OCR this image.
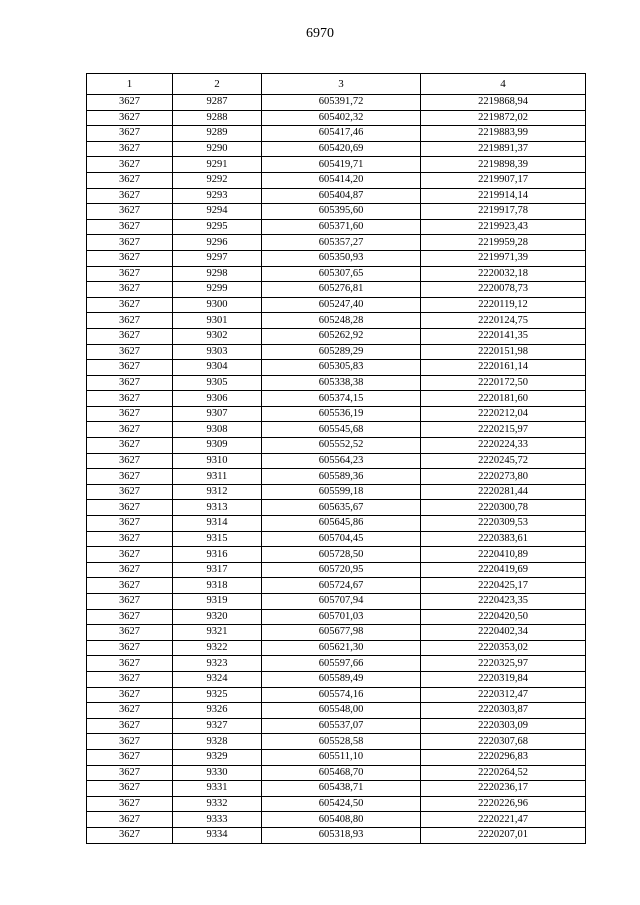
6970
1	2	3	4
3627	9287	605391,72	2219868,94
3627	9288	605402,32	2219872,02
3627	9289	605417,46	2219883,99
3627	9290	605420,69	2219891,37
3627	9291	605419,71	2219898,39
3627	9292	605414,20	2219907,17
3627	9293	605404,87	2219914,14
3627	9294	605395,60	2219917,78
3627	9295	605371,60	2219923,43
3627	9296	605357,27	2219959,28
3627	9297	605350,93	2219971,39
3627	9298	605307,65	2220032,18
3627	9299	605276,81	2220078,73
3627	9300	605247,40	2220119,12
3627	9301	605248,28	2220124,75
3627	9302	605262,92	2220141,35
3627	9303	605289,29	2220151,98
3627	9304	605305,83	2220161,14
3627	9305	605338,38	2220172,50
3627	9306	605374,15	2220181,60
3627	9307	605536,19	2220212,04
3627	9308	605545,68	2220215,97
3627	9309	605552,52	2220224,33
3627	9310	605564,23	2220245,72
3627	9311	605589,36	2220273,80
3627	9312	605599,18	2220281,44
3627	9313	605635,67	2220300,78
3627	9314	605645,86	2220309,53
3627	9315	605704,45	2220383,61
3627	9316	605728,50	2220410,89
3627	9317	605720,95	2220419,69
3627	9318	605724,67	2220425,17
3627	9319	605707,94	2220423,35
3627	9320	605701,03	2220420,50
3627	9321	605677,98	2220402,34
3627	9322	605621,30	2220353,02
3627	9323	605597,66	2220325,97
3627	9324	605589,49	2220319,84
3627	9325	605574,16	2220312,47
3627	9326	605548,00	2220303,87
3627	9327	605537,07	2220303,09
3627	9328	605528,58	2220307,68
3627	9329	605511,10	2220296,83
3627	9330	605468,70	2220264,52
3627	9331	605438,71	2220236,17
3627	9332	605424,50	2220226,96
3627	9333	605408,80	2220221,47
3627	9334	605318,93	2220207,01
